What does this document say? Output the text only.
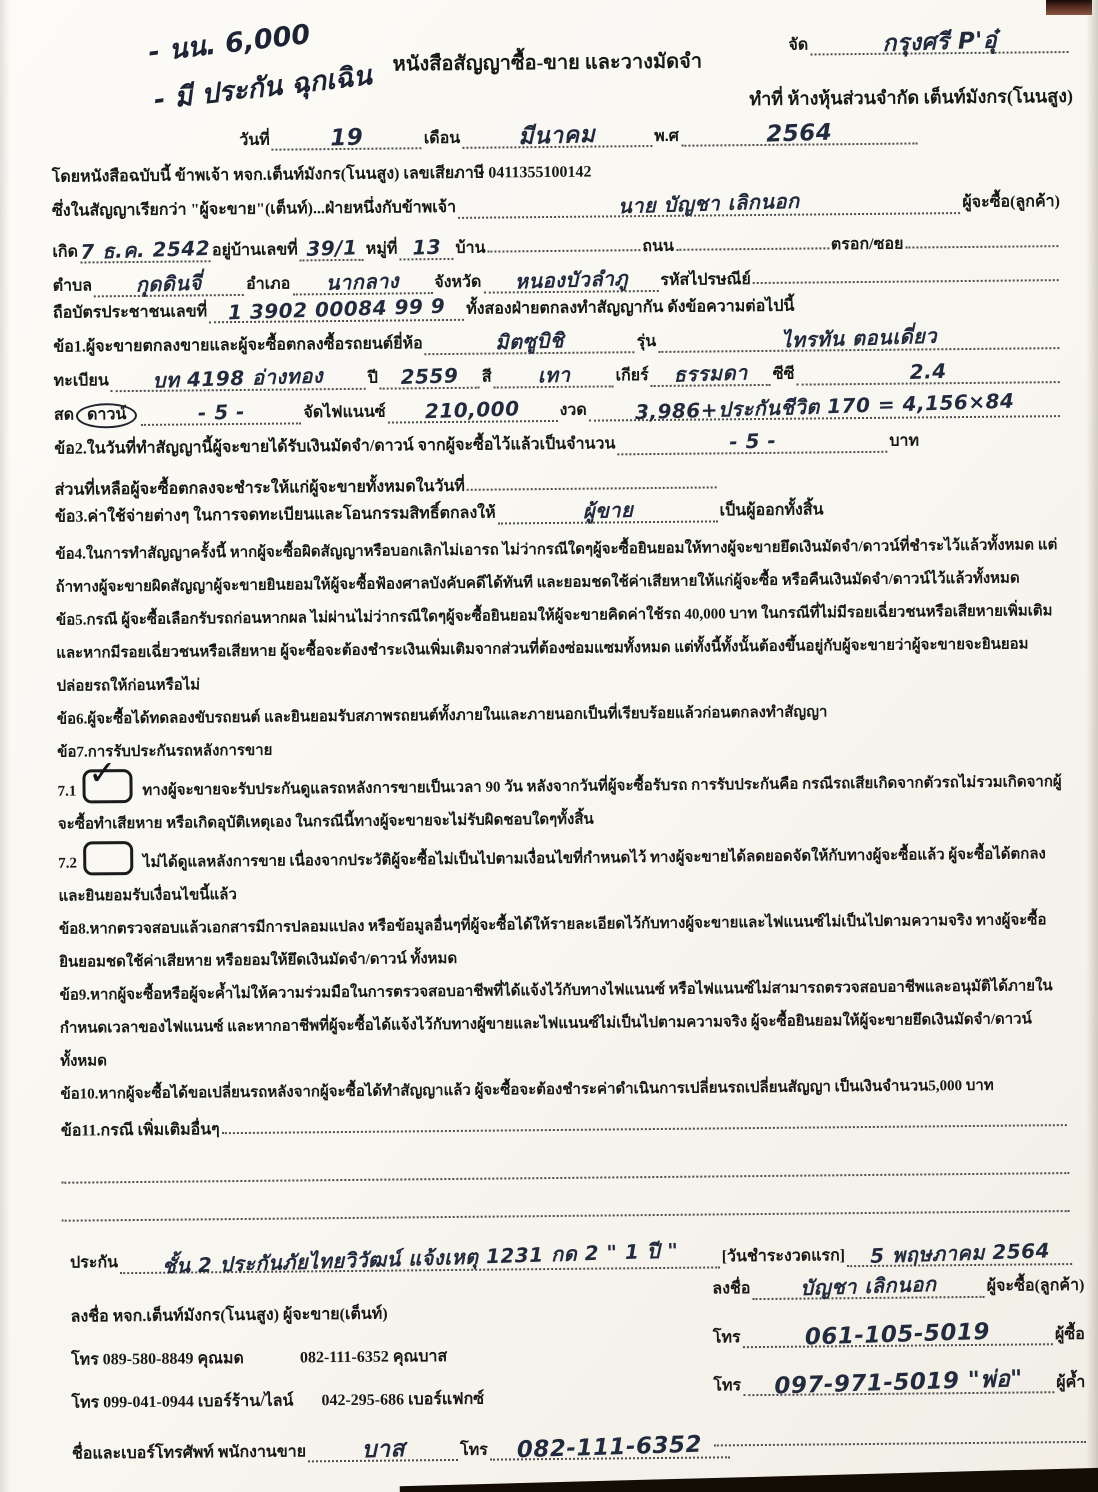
- นน. 6,000
- มี ประกัน ฉุกเฉิน หนังสือสัญญาซื้อ-ขาย และวางมัดจำ
จัด	กรุงศรี P'อุ๋
ทำที่ ห้างหุ้นส่วนจำกัด เต็นท์มังกร(โนนสูง)
วันที่	19	เดือน	มีนาคม	พ.ศ	2564
โดยหนังสือฉบับนี้ ข้าพเจ้า หจก.เต็นท์มังกร(โนนสูง) เลขเสียภาษี 0411355100142
ซึ่งในสัญญาเรียกว่า "ผู้จะขาย"(เต็นท์)...ฝ่ายหนึ่งกับข้าพเจ้า	นาย บัญชา เลิกนอก	ผู้จะซื้อ(ลูกค้า)
เกิด 7 ธ.ค. 2542 อยู่บ้านเลขที่ 39/1 หมู่ที่ 13 บ้าน	ถนน	ตรอก/ซอย
ตำบล	กุดดินจี่	อำเภอ	นากลาง	จังหวัด	หนองบัวลำภู	รหัสไปรษณีย์
ถือบัตรประชาชนเลขที่	1 3902 00084 99 9	ทั้งสองฝ่ายตกลงทำสัญญากัน ดังข้อความต่อไปนี้
ข้อ1.ผู้จะขายตกลงขายและผู้จะซื้อตกลงซื้อรถยนต์ยี่ห้อ	มิตซูบิชิ	รุ่น	ไทรทัน ตอนเดี่ยว
ทะเบียน	บท 4198 อ่างทอง	ปี	2559	สี	เทา	เกียร์	ธรรมดา	ซีซี	2.4
สด ดาวน์	- 5 -	จัดไฟแนนซ์	210,000	งวด	3,986+ประกันชีวิต 170 = 4,156×84
ข้อ2.ในวันที่ทำสัญญานี้ผู้จะขายได้รับเงินมัดจำ/ดาวน์ จากผู้จะซื้อไว้แล้วเป็นจำนวน	- 5 -	บาท
ส่วนที่เหลือผู้จะซื้อตกลงจะชำระให้แก่ผู้จะขายทั้งหมดในวันที่
ข้อ3.ค่าใช้จ่ายต่างๆ ในการจดทะเบียนและโอนกรรมสิทธิ์ตกลงให้	ผู้ขาย	เป็นผู้ออกทั้งสิ้น
ข้อ4.ในการทำสัญญาครั้งนี้ หากผู้จะซื้อผิดสัญญาหรือบอกเลิกไม่เอารถ ไม่ว่ากรณีใดๆผู้จะซื้อยินยอมให้ทางผู้จะขายยึดเงินมัดจำ/ดาวน์ที่ชำระไว้แล้วทั้งหมด แต่ถ้าทางผู้จะขายผิดสัญญาผู้จะขายยินยอมให้ผู้จะซื้อฟ้องศาลบังคับคดีได้ทันที และยอมชดใช้ค่าเสียหายให้แก่ผู้จะซื้อ หรือคืนเงินมัดจำ/ดาวน์ไว้แล้วทั้งหมด
ข้อ5.กรณี ผู้จะซื้อเลือกรับรถก่อนหากผล ไม่ผ่านไม่ว่ากรณีใดๆผู้จะซื้อยินยอมให้ผู้จะขายคิดค่าใช้รถ 40,000 บาท ในกรณีที่ไม่มีรอยเฉี่ยวชนหรือเสียหายเพิ่มเติม และหากมีรอยเฉี่ยวชนหรือเสียหาย ผู้จะซื้อจะต้องชำระเงินเพิ่มเติมจากส่วนที่ต้องซ่อมแซมทั้งหมด แต่ทั้งนี้ทั้งนั้นต้องขึ้นอยู่กับผู้จะขายว่าผู้จะขายจะยินยอมปล่อยรถให้ก่อนหรือไม่
ข้อ6.ผู้จะซื้อได้ทดลองขับรถยนต์ และยินยอมรับสภาพรถยนต์ทั้งภายในและภายนอกเป็นที่เรียบร้อยแล้วก่อนตกลงทำสัญญา
ข้อ7.การรับประกันรถหลังการขาย
7.1 ✓ ทางผู้จะขายจะรับประกันดูแลรถหลังการขายเป็นเวลา 90 วัน หลังจากวันที่ผู้จะซื้อรับรถ การรับประกันคือ กรณีรถเสียเกิดจากตัวรถไม่รวมเกิดจากผู้จะซื้อทำเสียหาย หรือเกิดอุบัติเหตุเอง ในกรณีนี้ทางผู้จะขายจะไม่รับผิดชอบใดๆทั้งสิ้น
7.2	ไม่ได้ดูแลหลังการขาย เนื่องจากประวัติผู้จะซื้อไม่เป็นไปตามเงื่อนไขที่กำหนดไว้ ทางผู้จะขายได้ลดยอดจัดให้กับทางผู้จะซื้อแล้ว ผู้จะซื้อได้ตกลงและยินยอมรับเงื่อนไขนี้แล้ว
ข้อ8.หากตรวจสอบแล้วเอกสารมีการปลอมแปลง หรือข้อมูลอื่นๆที่ผู้จะซื้อได้ให้รายละเอียดไว้กับทางผู้จะขายและไฟแนนซ์ไม่เป็นไปตามความจริง ทางผู้จะซื้อยินยอมชดใช้ค่าเสียหาย หรือยอมให้ยึดเงินมัดจำ/ดาวน์ ทั้งหมด
ข้อ9.หากผู้จะซื้อหรือผู้จะค้ำไม่ให้ความร่วมมือในการตรวจสอบอาชีพที่ได้แจ้งไว้กับทางไฟแนนซ์ หรือไฟแนนซ์ไม่สามารถตรวจสอบอาชีพและอนุมัติได้ภายในกำหนดเวลาของไฟแนนซ์ และหากอาชีพที่ผู้จะซื้อได้แจ้งไว้กับทางผู้ขายและไฟแนนซ์ไม่เป็นไปตามความจริง ผู้จะซื้อยินยอมให้ผู้จะขายยึดเงินมัดจำ/ดาวน์ทั้งหมด
ข้อ10.หากผู้จะซื้อได้ขอเปลี่ยนรถหลังจากผู้จะซื้อได้ทำสัญญาแล้ว ผู้จะซื้อจะต้องชำระค่าดำเนินการเปลี่ยนรถเปลี่ยนสัญญา เป็นเงินจำนวน5,000 บาท
ข้อ11.กรณี เพิ่มเติมอื่นๆ
ประกัน	ชั้น 2 ประกันภัยไทยวิวัฒน์ แจ้งเหตุ 1231 กด 2 " 1 ปี "	[วันชำระงวดแรก]	5 พฤษภาคม 2564
ลงชื่อ หจก.เต็นท์มังกร(โนนสูง) ผู้จะขาย(เต็นท์)
โทร 089-580-8849 คุณมด	082-111-6352 คุณบาส
โทร 099-041-0944 เบอร์ร้าน/ไลน์ 042-295-686 เบอร์แฟกซ์
ลงชื่อ	บัญชา เลิกนอก	ผู้จะซื้อ(ลูกค้า)
โทร	061-105-5019	ผู้ซื้อ
โทร	097-971-5019 "พ่อ"	ผู้ค้ำ
ชื่อและเบอร์โทรศัพท์ พนักงานขาย	บาส	โทร	082-111-6352
